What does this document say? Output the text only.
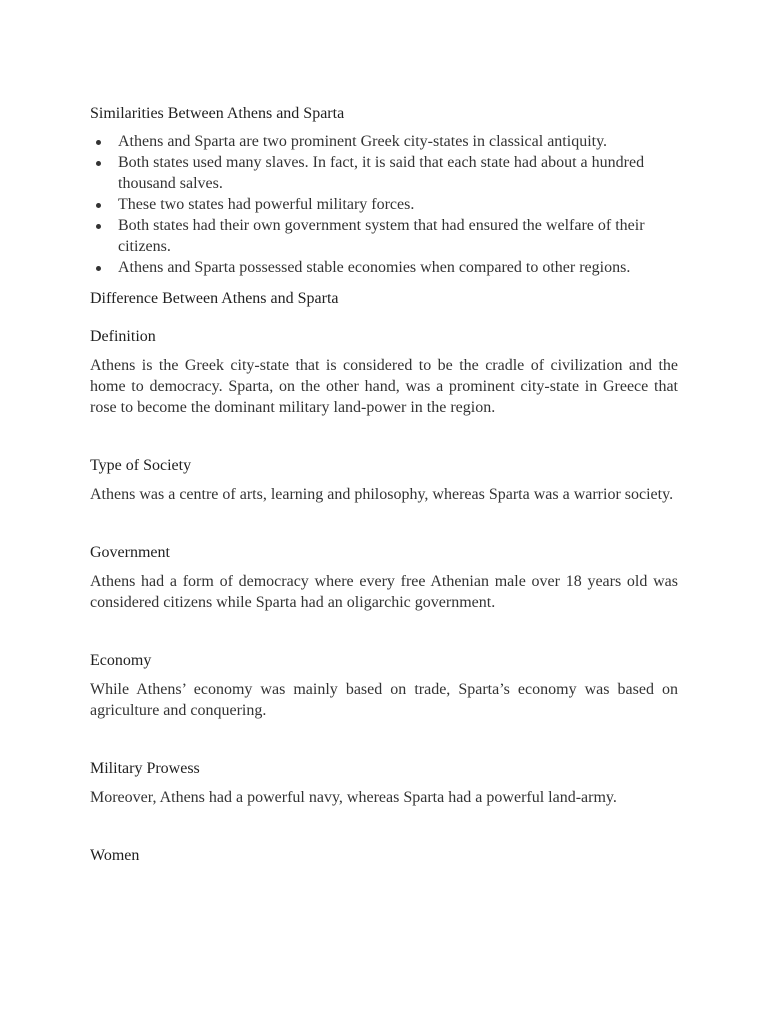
Similarities Between Athens and Sparta

Athens and Sparta are two prominent Greek city-states in classical antiquity.
Both states used many slaves. In fact, it is said that each state had about a hundred thousand salves.
These two states had powerful military forces.
Both states had their own government system that had ensured the welfare of their citizens.
Athens and Sparta possessed stable economies when compared to other regions.

Difference Between Athens and Sparta

Definition

Athens is the Greek city-state that is considered to be the cradle of civilization and the home to democracy. Sparta, on the other hand, was a prominent city-state in Greece that rose to become the dominant military land-power in the region.

Type of Society

Athens was a centre of arts, learning and philosophy, whereas Sparta was a warrior society.

Government

Athens had a form of democracy where every free Athenian male over 18 years old was considered citizens while Sparta had an oligarchic government.

Economy

While Athens’ economy was mainly based on trade, Sparta’s economy was based on agriculture and conquering.

Military Prowess

Moreover, Athens had a powerful navy, whereas Sparta had a powerful land-army.

Women
